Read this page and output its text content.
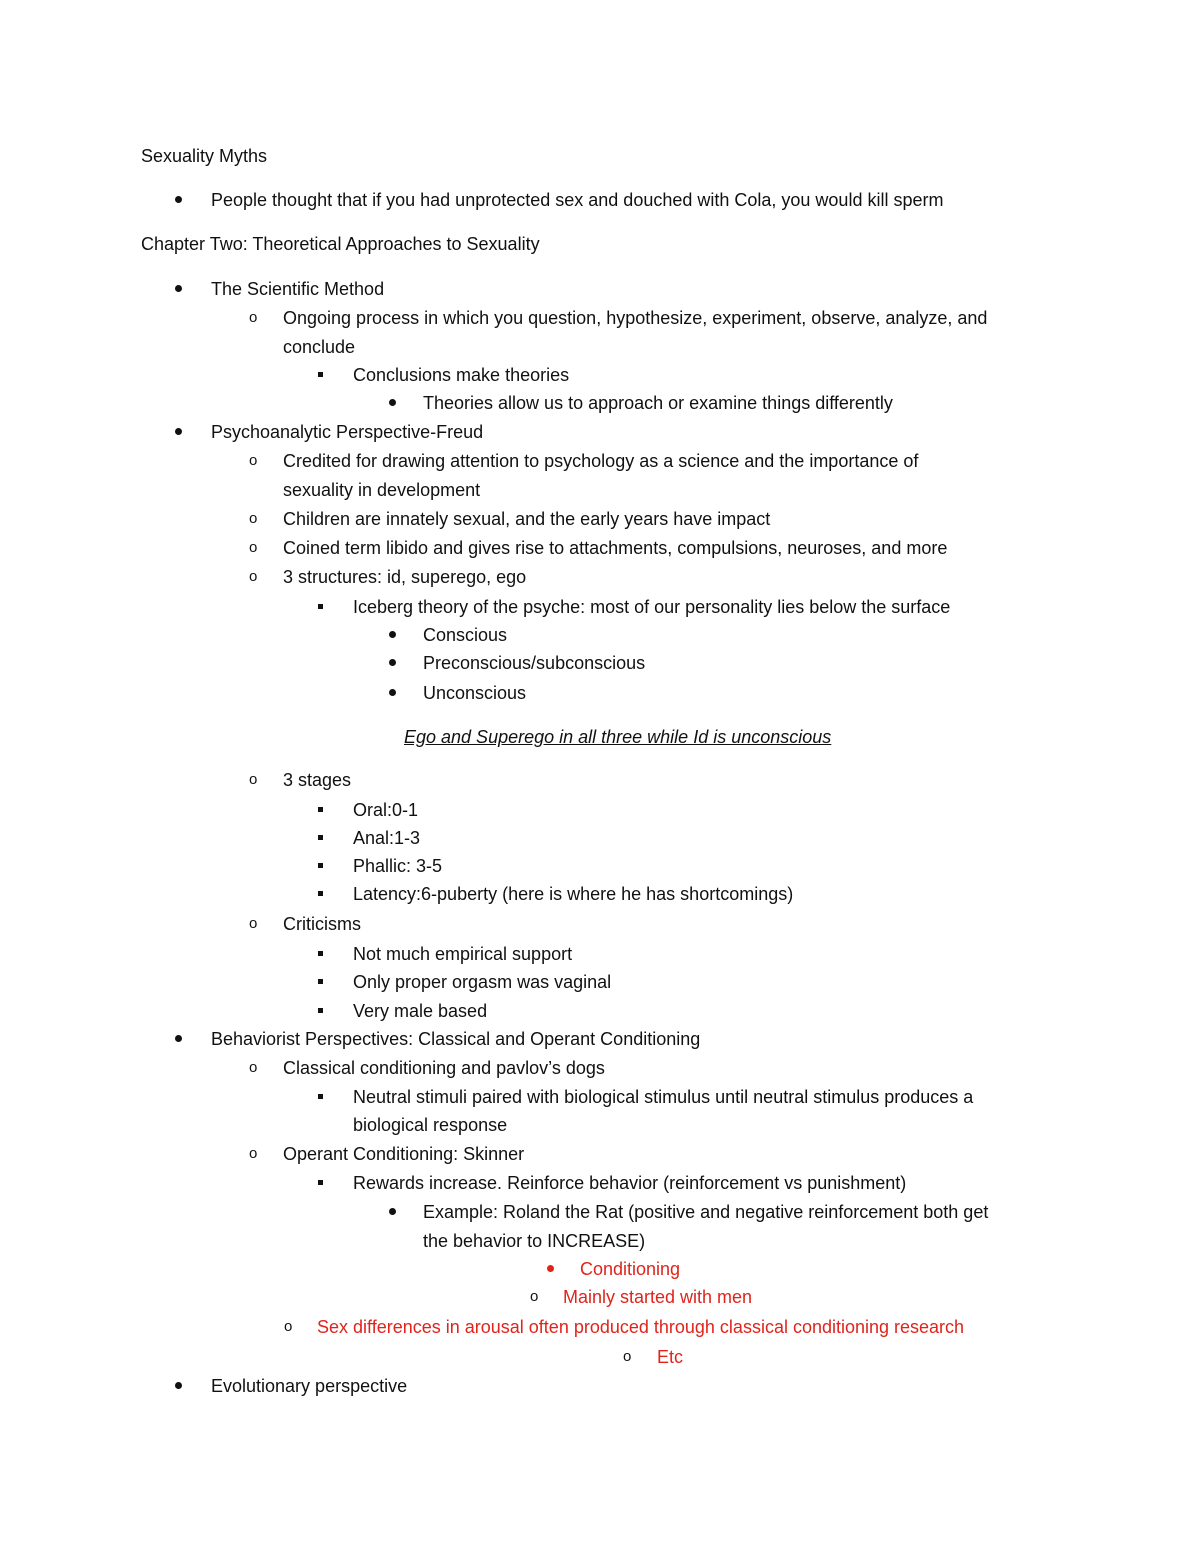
Sexuality Myths
People thought that if you had unprotected sex and douched with Cola, you would kill sperm
Chapter Two: Theoretical Approaches to Sexuality
The Scientific Method
o Ongoing process in which you question, hypothesize, experiment, observe, analyze, and
conclude
Conclusions make theories
Theories allow us to approach or examine things differently
Psychoanalytic Perspective-Freud
o Credited for drawing attention to psychology as a science and the importance of
sexuality in development
o Children are innately sexual, and the early years have impact
o Coined term libido and gives rise to attachments, compulsions, neuroses, and more
o 3 structures: id, superego, ego
Iceberg theory of the psyche: most of our personality lies below the surface
Conscious
Preconscious/subconscious
Unconscious
Ego and Superego in all three while Id is unconscious
o 3 stages
Oral:0-1
Anal:1-3
Phallic: 3-5
Latency:6-puberty (here is where he has shortcomings)
o Criticisms
Not much empirical support
Only proper orgasm was vaginal
Very male based
Behaviorist Perspectives: Classical and Operant Conditioning
o Classical conditioning and pavlov’s dogs
Neutral stimuli paired with biological stimulus until neutral stimulus produces a
biological response
o Operant Conditioning: Skinner
Rewards increase. Reinforce behavior (reinforcement vs punishment)
Example: Roland the Rat (positive and negative reinforcement both get
the behavior to INCREASE)
Conditioning
o Mainly started with men
o Sex differences in arousal often produced through classical conditioning research
o Etc
Evolutionary perspective
